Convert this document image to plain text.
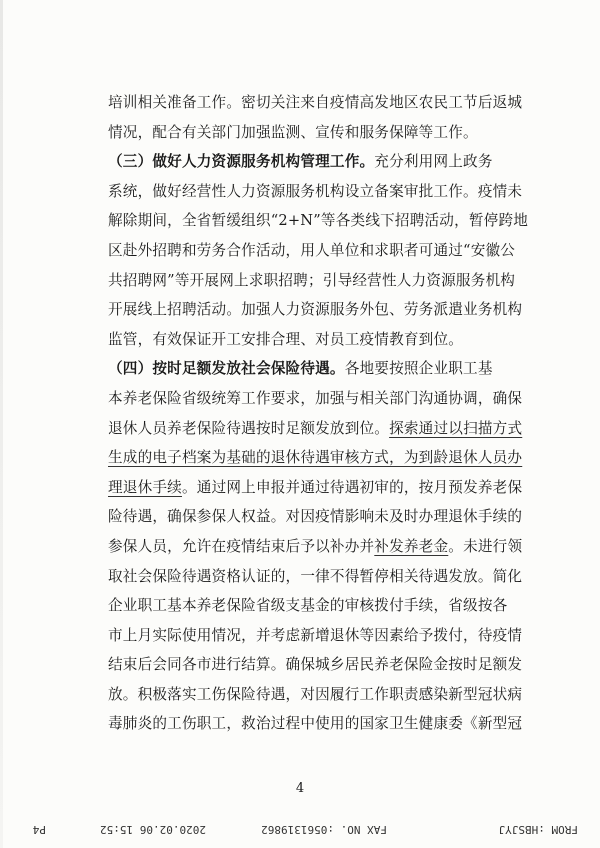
培训相关准备工作。密切关注来自疫情高发地区农民工节后返城
情况，配合有关部门加强监测、宣传和服务保障等工作。
（三）做好人力资源服务机构管理工作。充分利用网上政务
系统，做好经营性人力资源服务机构设立备案审批工作。疫情未
解除期间，全省暂缓组织“2+N”等各类线下招聘活动，暂停跨地
区赴外招聘和劳务合作活动，用人单位和求职者可通过“安徽公
共招聘网”等开展网上求职招聘；引导经营性人力资源服务机构
开展线上招聘活动。加强人力资源服务外包、劳务派遣业务机构
监管，有效保证开工安排合理、对员工疫情教育到位。
（四）按时足额发放社会保险待遇。各地要按照企业职工基
本养老保险省级统筹工作要求，加强与相关部门沟通协调，确保
退休人员养老保险待遇按时足额发放到位。探索通过以扫描方式
生成的电子档案为基础的退休待遇审核方式，为到龄退休人员办
理退休手续。通过网上申报并通过待遇初审的，按月预发养老保
险待遇，确保参保人权益。对因疫情影响未及时办理退休手续的
参保人员，允许在疫情结束后予以补办并补发养老金。未进行领
取社会保险待遇资格认证的，一律不得暂停相关待遇发放。简化
企业职工基本养老保险省级支基金的审核拨付手续，省级按各
市上月实际使用情况，并考虑新增退休等因素给予拨付，待疫情
结束后会同各市进行结算。确保城乡居民养老保险金按时足额发
放。积极落实工伤保险待遇，对因履行工作职责感染新型冠状病
毒肺炎的工伤职工，救治过程中使用的国家卫生健康委《新型冠
4
FROM :HBSJYJ
FAX NO. :0561319862
2020.02.06 15:52
P4
